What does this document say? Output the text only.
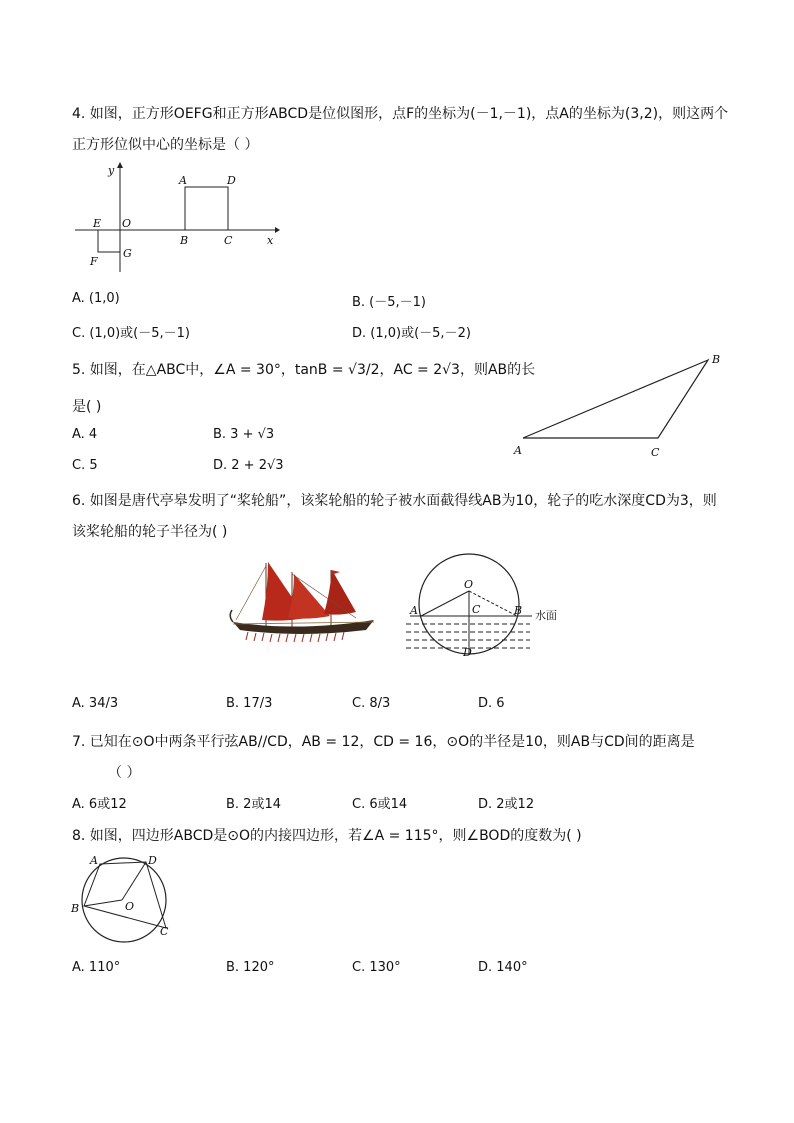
4. 如图，正方形OEFG和正方形ABCD是位似图形，点F的坐标为(－1,－1)，点A的坐标为(3,2)，则这两个
正方形位似中心的坐标是（ ）
y
x
A	D
E O
B	C
F
G
A. (1,0)	B. (－5,－1)
C. (1,0)或(－5,－1)	D. (1,0)或(－5,－2)
5. 如图，在△ABC中，∠A = 30°，tanB = √3/2，AC = 2√3，则AB的长
是( )
A
B
C
A. 4	B. 3 + √3
C. 5	D. 2 + 2√3
6. 如图是唐代亭皋发明了“桨轮船”，该桨轮船的轮子被水面截得线AB为10，轮子的吃水深度CD为3，则
该桨轮船的轮子半径为( )
O
A	C	B
D
水面
A. 34/3	B. 17/3	C. 8/3	D. 6
7. 已知在⊙O中两条平行弦AB//CD，AB = 12，CD = 16，⊙O的半径是10，则AB与CD间的距离是
（ ）
A. 6或12	B. 2或14	C. 6或14	D. 2或12
8. 如图，四边形ABCD是⊙O的内接四边形，若∠A = 115°，则∠BOD的度数为( )
A	D
B	O
C
A. 110°	B. 120°	C. 130°	D. 140°
